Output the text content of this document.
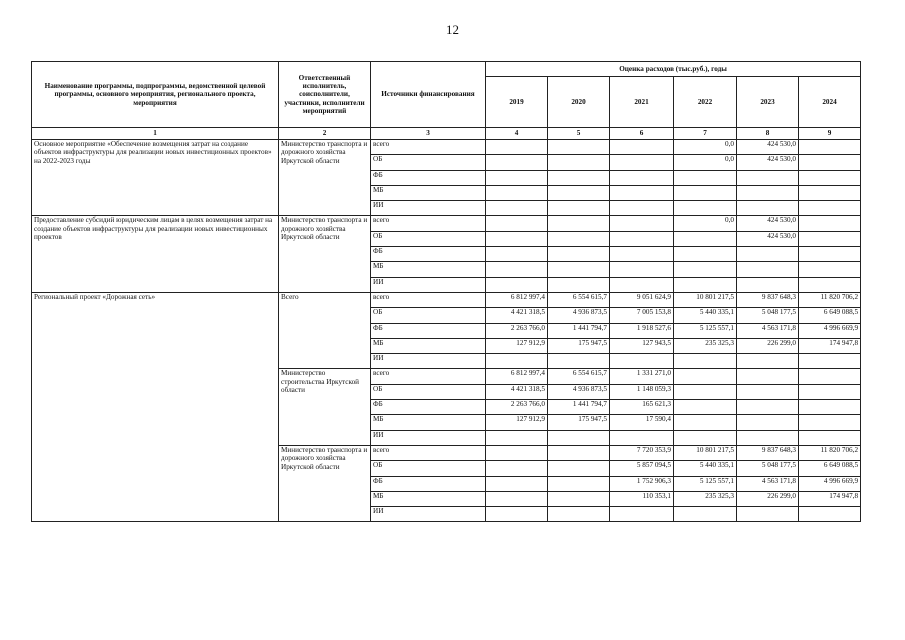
12
Наименование программы, подпрограммы, ведомственной целевой программы, основного мероприятия, регионального проекта, мероприятия	Ответственный исполнитель, соисполнители, участники, исполнители мероприятий	Источники финансирования	Оценка расходов (тыс.руб.), годы					
			2019	2020	2021	2022	2023	2024
1	2	3	4	5	6	7	8	9
Основное мероприятие «Обеспечение возмещения затрат на создание объектов инфраструктуры для реализации новых инвестиционных проектов» на 2022-2023 годы	Министерство транспорта и дорожного хозяйства Иркутской области	всего				0,0	424 530,0	
		ОБ				0,0	424 530,0	
		ФБ						
		МБ						
		ИИ						
Предоставление субсидий юридическим лицам в целях возмещения затрат на создание объектов инфраструктуры для реализации новых инвестиционных проектов	Министерство транспорта и дорожного хозяйства Иркутской области	всего				0,0	424 530,0	
		ОБ					424 530,0	
		ФБ						
		МБ						
		ИИ						
Региональный проект «Дорожная сеть»	Всего	всего	6 812 997,4	6 554 615,7	9 051 624,9	10 801 217,5	9 837 648,3	11 820 706,2
		ОБ	4 421 318,5	4 936 873,5	7 005 153,8	5 440 335,1	5 048 177,5	6 649 088,5
		ФБ	2 263 766,0	1 441 794,7	1 918 527,6	5 125 557,1	4 563 171,8	4 996 669,9
		МБ	127 912,9	175 947,5	127 943,5	235 325,3	226 299,0	174 947,8
		ИИ						
	Министерство строительства Иркутской области	всего	6 812 997,4	6 554 615,7	1 331 271,0			
		ОБ	4 421 318,5	4 936 873,5	1 148 059,3			
		ФБ	2 263 766,0	1 441 794,7	165 621,3			
		МБ	127 912,9	175 947,5	17 590,4			
		ИИ						
	Министерство транспорта и дорожного хозяйства Иркутской области	всего			7 720 353,9	10 801 217,5	9 837 648,3	11 820 706,2
		ОБ			5 857 094,5	5 440 335,1	5 048 177,5	6 649 088,5
		ФБ			1 752 906,3	5 125 557,1	4 563 171,8	4 996 669,9
		МБ			110 353,1	235 325,3	226 299,0	174 947,8
		ИИ						
